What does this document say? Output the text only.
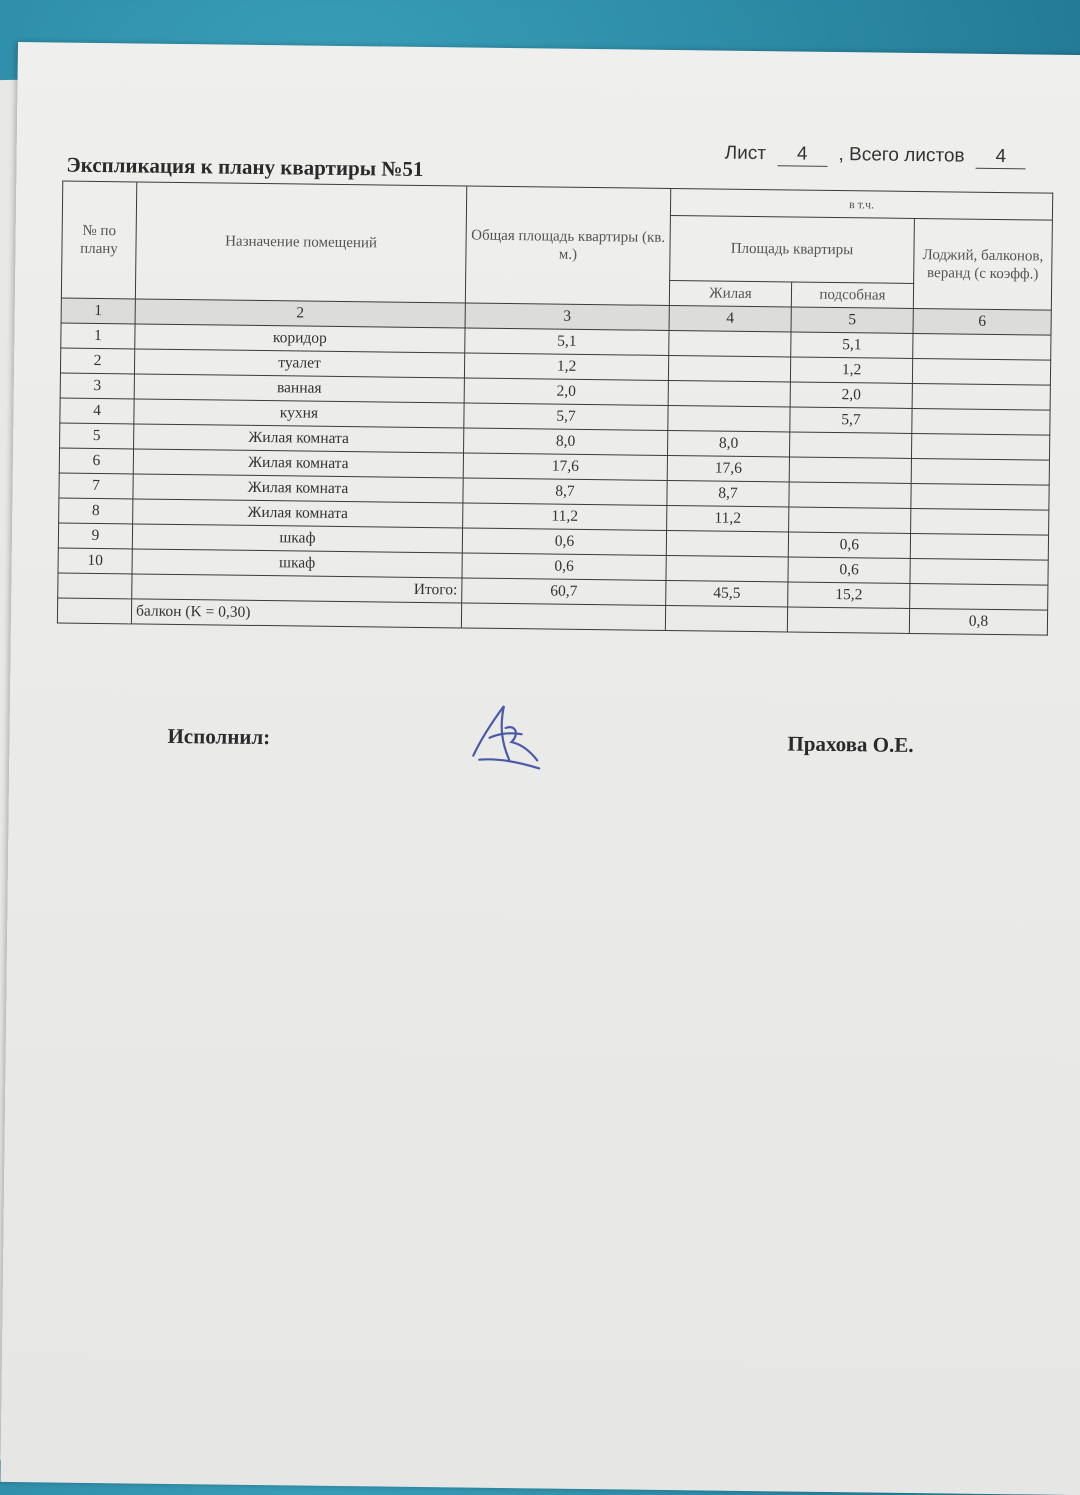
Лист 4 , Всего листов 4
Экспликация к плану квартиры №51
№ по плану	Назначение помещений	Общая площадь квартиры (кв. м.)	в т.ч.		
			Площадь квартиры		Лоджий, балконов, веранд (с коэфф.)
			Жилая	подсобная	
1	2	3	4	5	6
1	коридор	5,1		5,1	
2	туалет	1,2		1,2	
3	ванная	2,0		2,0	
4	кухня	5,7		5,7	
5	Жилая комната	8,0	8,0		
6	Жилая комната	17,6	17,6		
7	Жилая комната	8,7	8,7		
8	Жилая комната	11,2	11,2		
9	шкаф	0,6		0,6	
10	шкаф	0,6		0,6	
	Итого:	60,7	45,5	15,2	
	балкон (K = 0,30)				0,8
Исполнил:	Прахова О.Е.
